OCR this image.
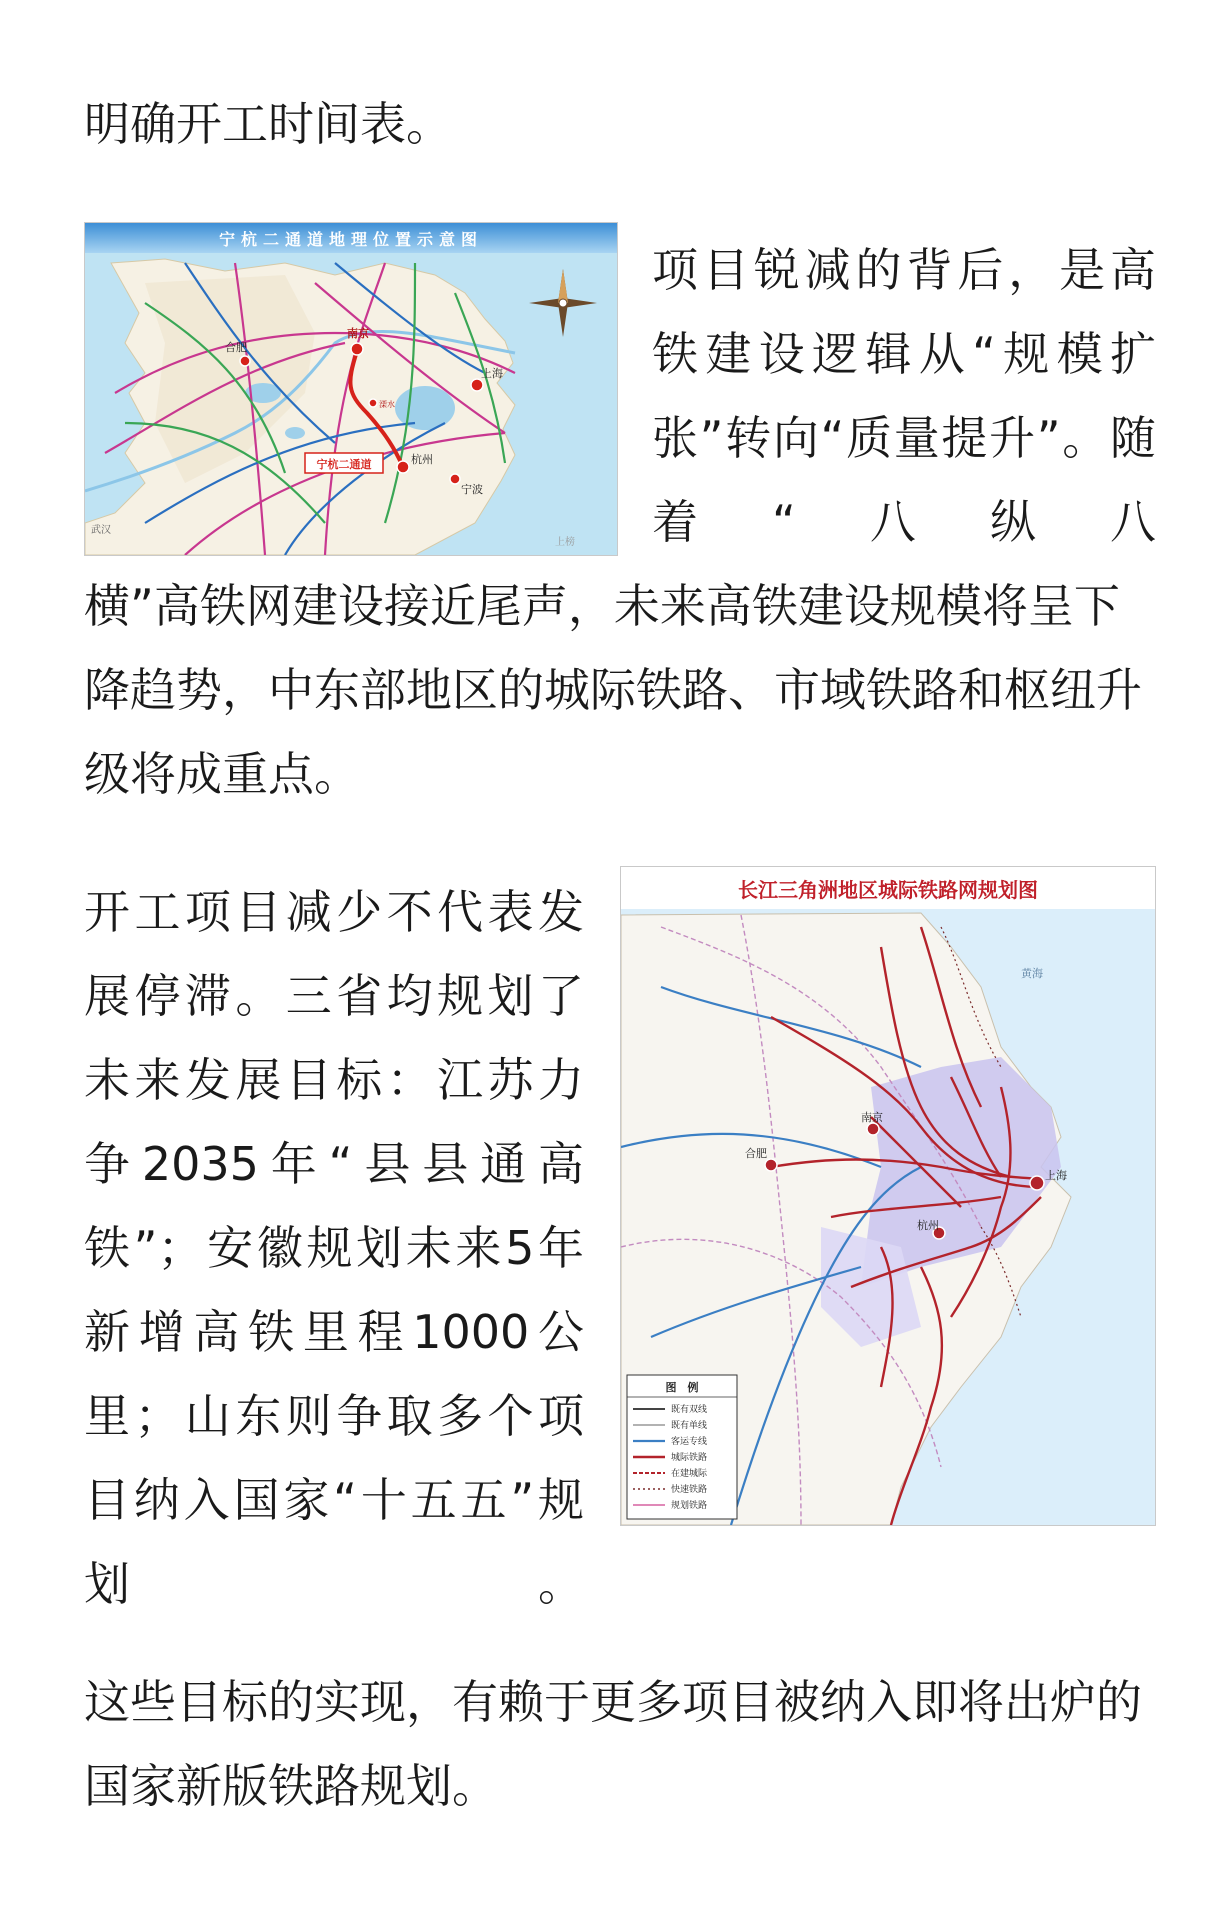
明确开工时间表。
宁杭二通道地理位置示意图
南京
合肥
上海
杭州
宁波
溧水
武汉
宁杭二通道
上榜
项目锐减的背后，是高铁建设逻辑从“规模扩张”转向“质量提升”。随着“八纵八
横”高铁网建设接近尾声，未来高铁建设规模将呈下降趋势，中东部地区的城际铁路、市域铁路和枢纽升级将成重点。
开工项目减少不代表发展停滞。三省均规划了未来发展目标：江苏力争2035年“县县通高铁”；安徽规划未来5年新增高铁里程1000公里；山东则争取多个项目纳入国家“十五五”规划。
长江三角洲地区城际铁路网规划图
南京
合肥
上海
杭州
黄海
图　例
既有双线
既有单线
客运专线
城际铁路
在建城际
快速铁路
规划铁路
这些目标的实现，有赖于更多项目被纳入即将出炉的国家新版铁路规划。
